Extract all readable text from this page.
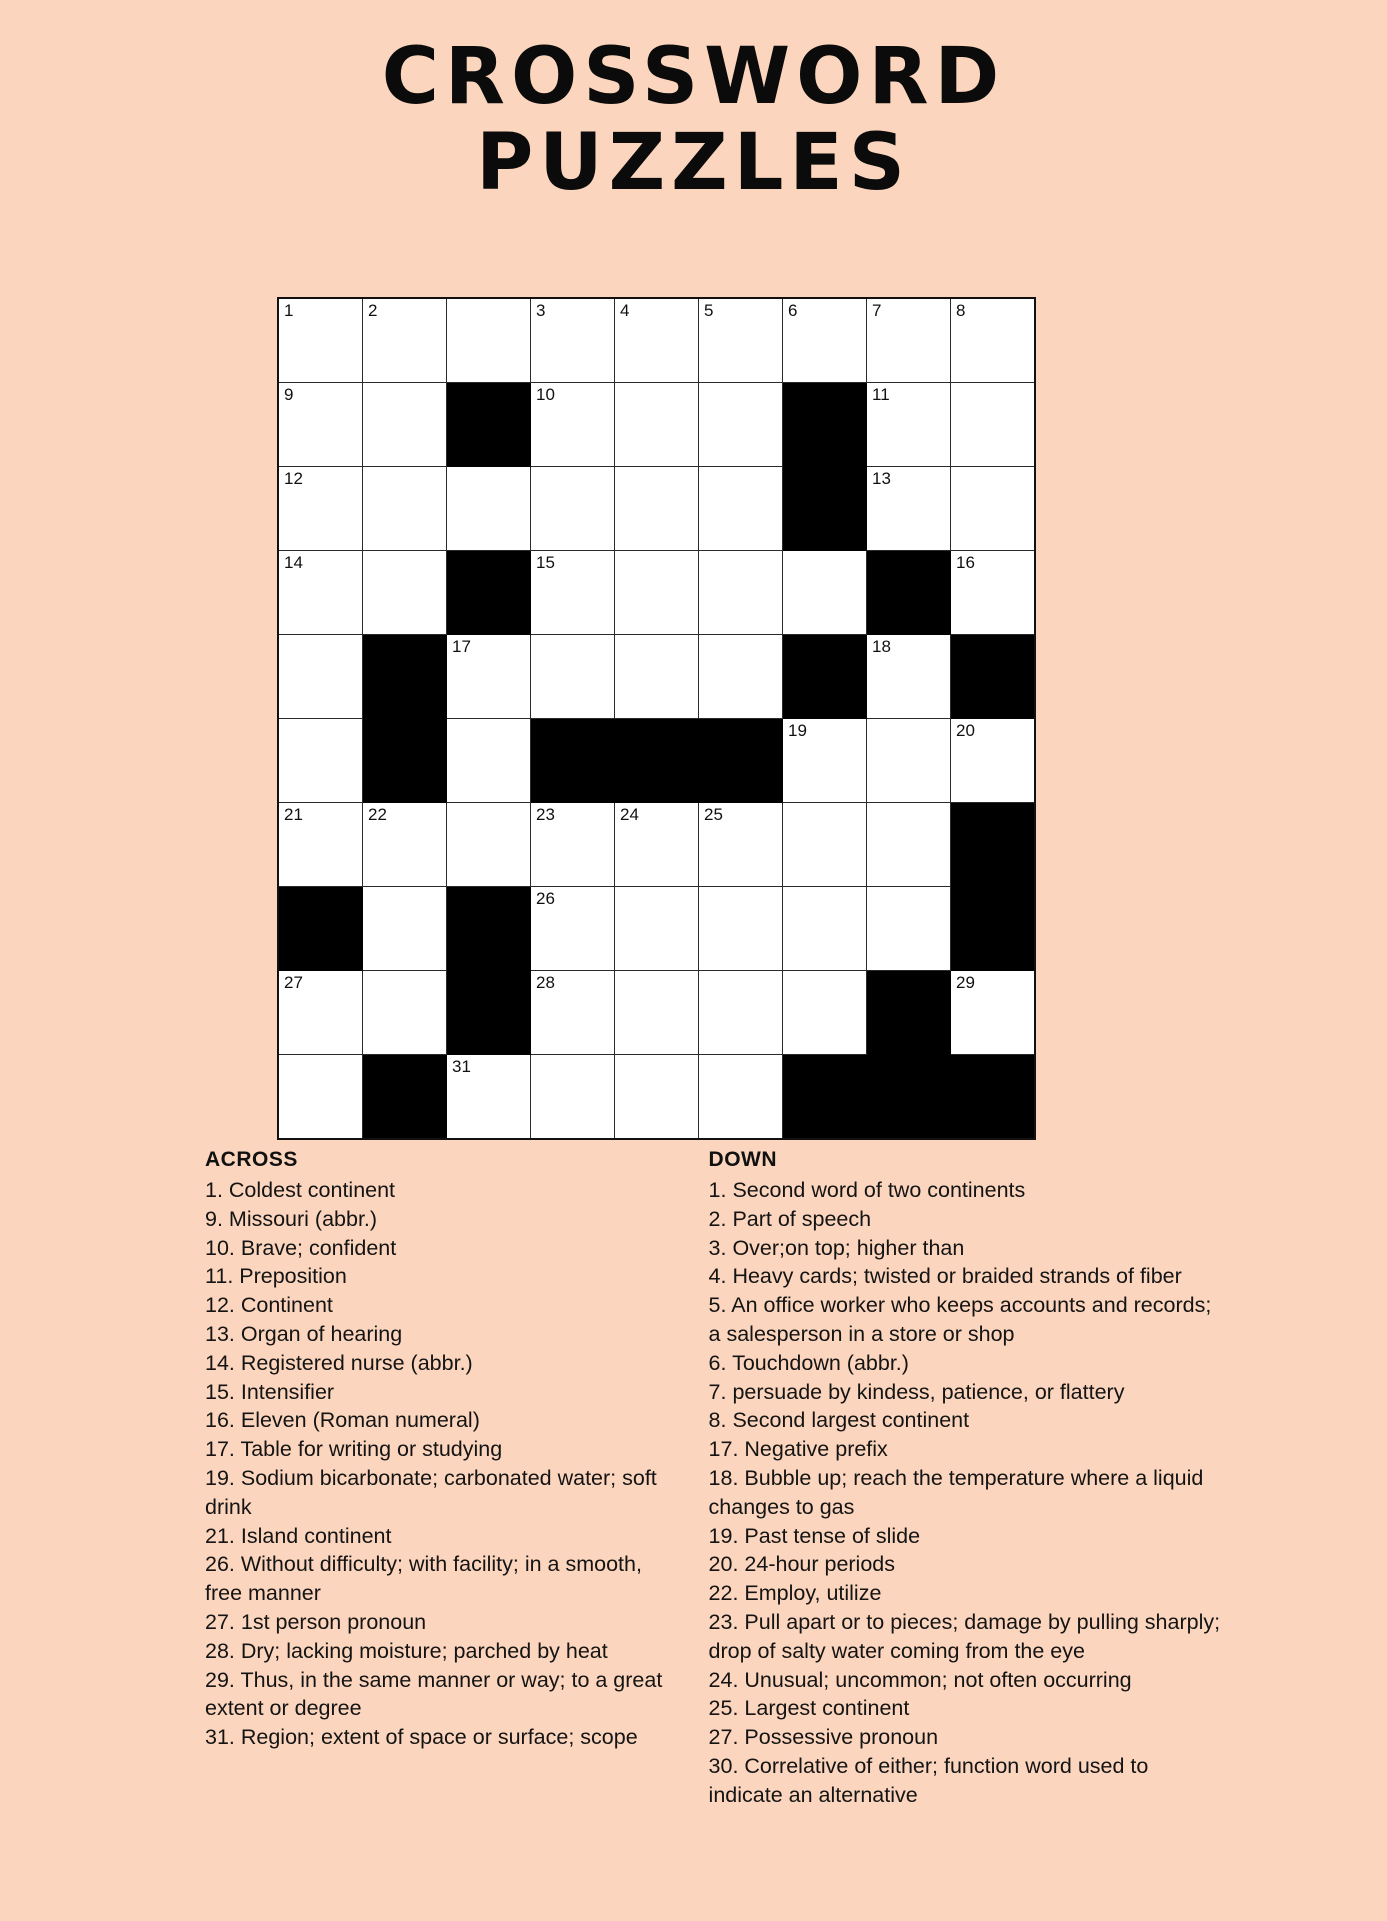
CROSSWORD
PUZZLES
1	2		3	4	5	6	7	8

9			10				11	

12							13	

14			15					16

		17					18	

						19		20

21	22		23	24	25			

			26					

27			28					29

		31						

ACROSS
1. Coldest continent
9. Missouri (abbr.)
10. Brave; confident
11. Preposition
12. Continent
13. Organ of hearing
14. Registered nurse (abbr.)
15. Intensifier
16. Eleven (Roman numeral)
17. Table for writing or studying
19. Sodium bicarbonate; carbonated water; soft drink
21. Island continent
26. Without difficulty; with facility; in a smooth, free manner
27. 1st person pronoun
28. Dry; lacking moisture; parched by heat
29. Thus, in the same manner or way; to a great extent or degree
31. Region; extent of space or surface; scope
DOWN
1. Second word of two continents
2. Part of speech
3. Over;on top; higher than
4. Heavy cards; twisted or braided strands of fiber
5. An office worker who keeps accounts and records; a salesperson in a store or shop
6. Touchdown (abbr.)
7. persuade by kindess, patience, or flattery
8. Second largest continent
17. Negative prefix
18. Bubble up; reach the temperature where a liquid changes to gas
19. Past tense of slide
20. 24-hour periods
22. Employ, utilize
23. Pull apart or to pieces; damage by pulling sharply; drop of salty water coming from the eye
24. Unusual; uncommon; not often occurring
25. Largest continent
27. Possessive pronoun
30. Correlative of either; function word used to indicate an alternative
